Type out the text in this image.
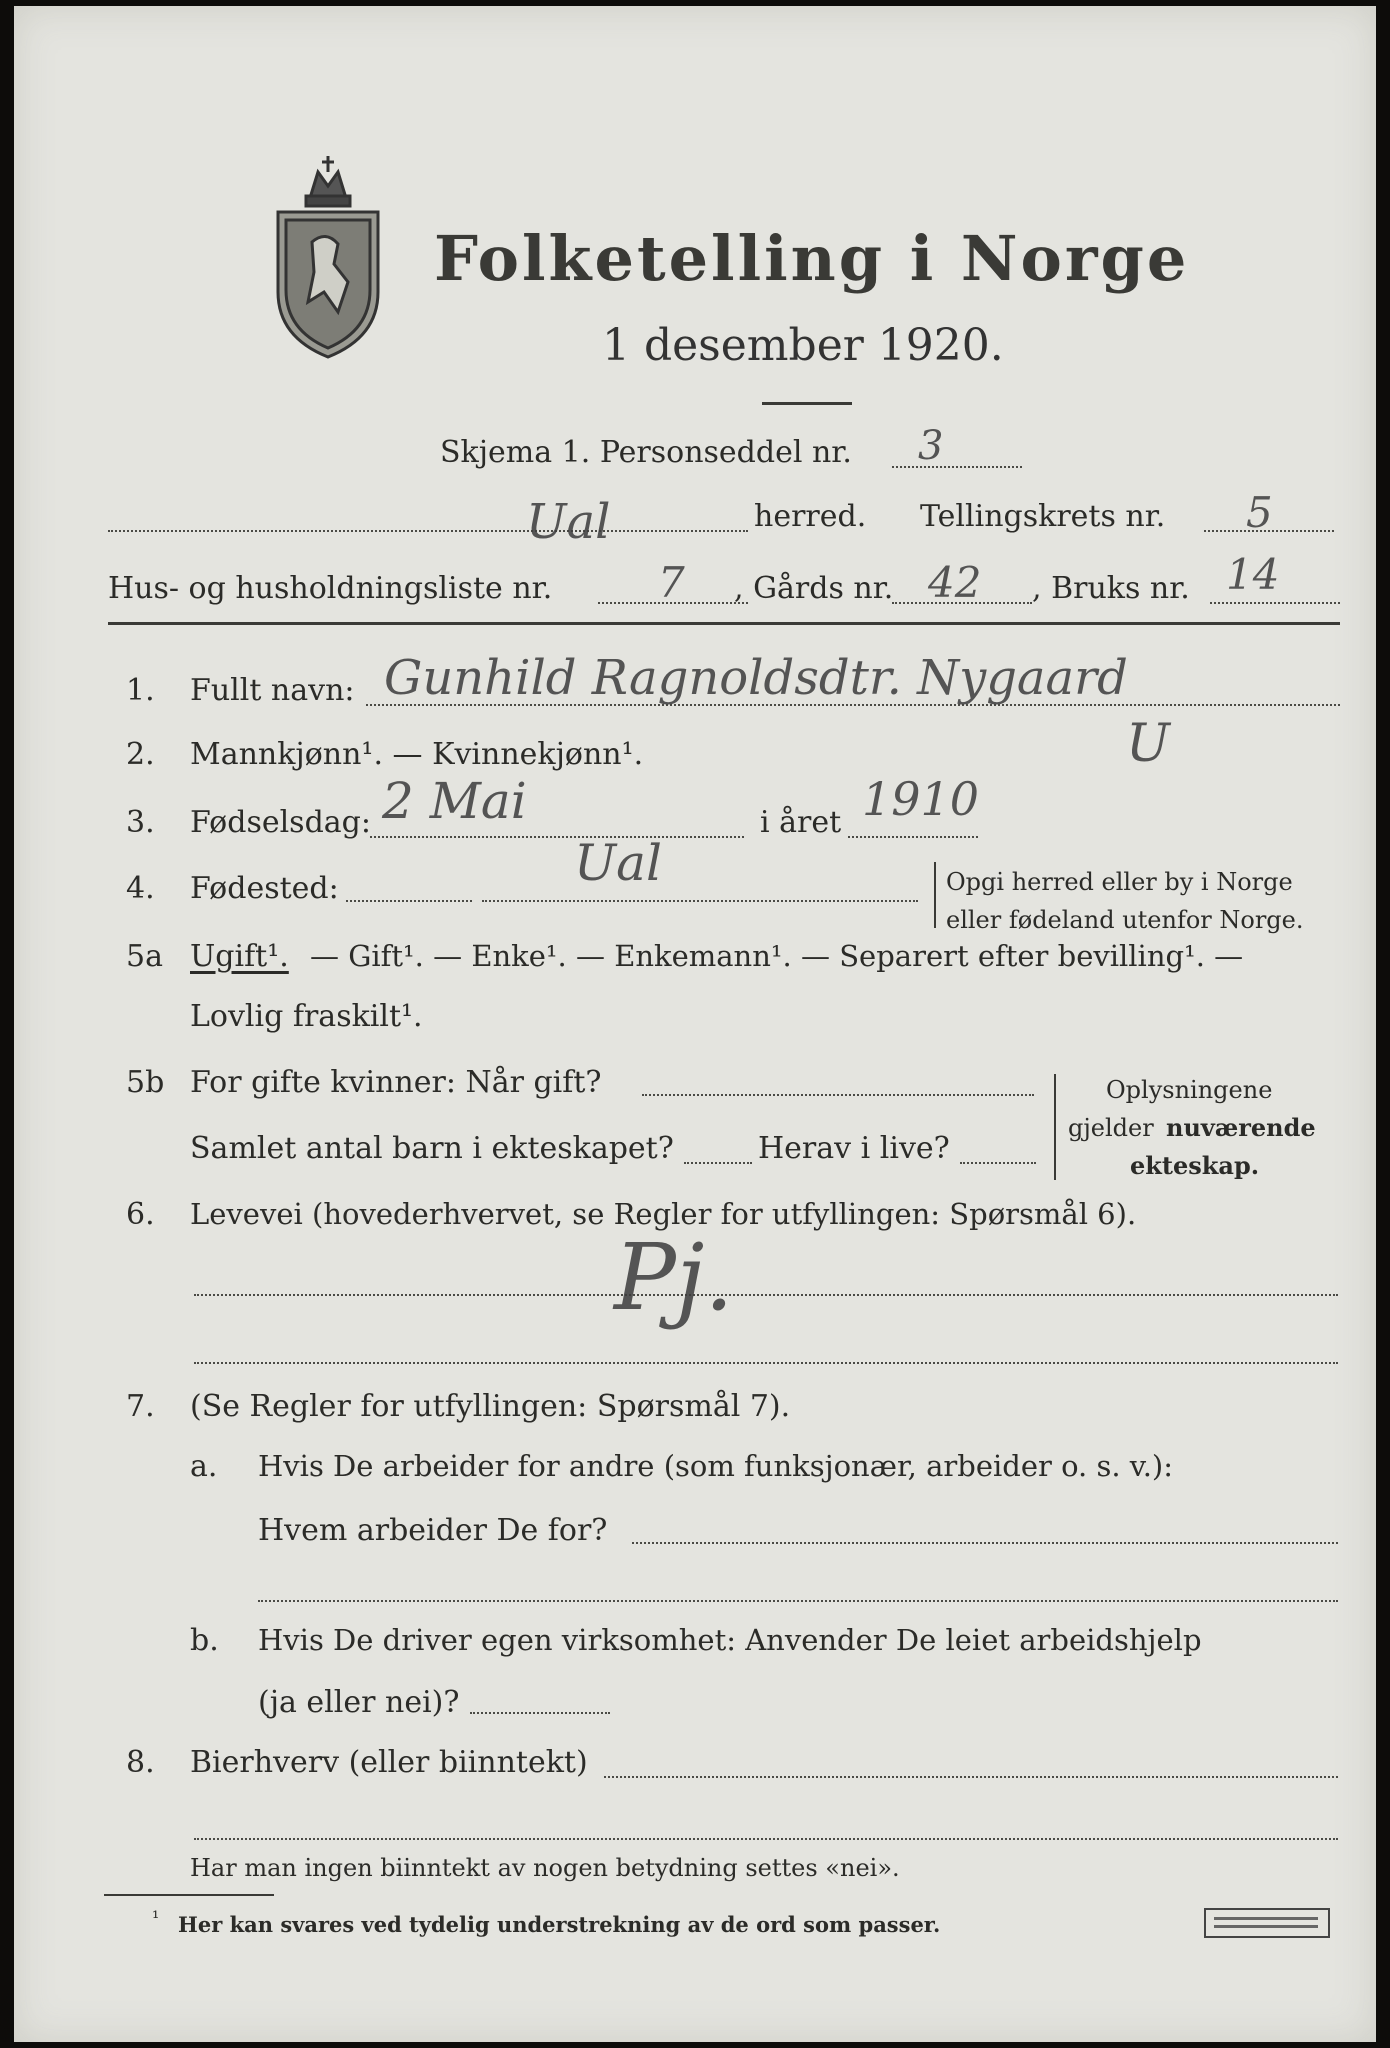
Folketelling i Norge
1 desember 1920.
Skjema 1. Personseddel nr. 3
Ual	herred. Tellingskrets nr. 5
Hus- og husholdningsliste nr.	7 , Gårds nr. 42 , Bruks nr. 14
1. Fullt navn: Gunhild Ragnoldsdtr. Nygaard
2. Mannkjønn¹. — Kvinnekjønn¹.	U
3. Fødselsdag: 2 Mai	i året 1910
4. Fødested:	Ual	Opgi herred eller by i Norge
eller fødeland utenfor Norge.
5a Ugift¹. — Gift¹. — Enke¹. — Enkemann¹. — Separert efter bevilling¹. —
Lovlig fraskilt¹.
5b For gifte kvinner: Når gift?
Samlet antal barn i ekteskapet?	Herav i live?
Oplysningene
gjelder nuværende
ekteskap.
6. Levevei (hovederhvervet, se Regler for utfyllingen: Spørsmål 6).
Pj.
7. (Se Regler for utfyllingen: Spørsmål 7).
a. Hvis De arbeider for andre (som funksjonær, arbeider o. s. v.):
Hvem arbeider De for?
b. Hvis De driver egen virksomhet: Anvender De leiet arbeidshjelp
(ja eller nei)?
8. Bierhverv (eller biinntekt)
Har man ingen biinntekt av nogen betydning settes «nei».
¹ Her kan svares ved tydelig understrekning av de ord som passer.
